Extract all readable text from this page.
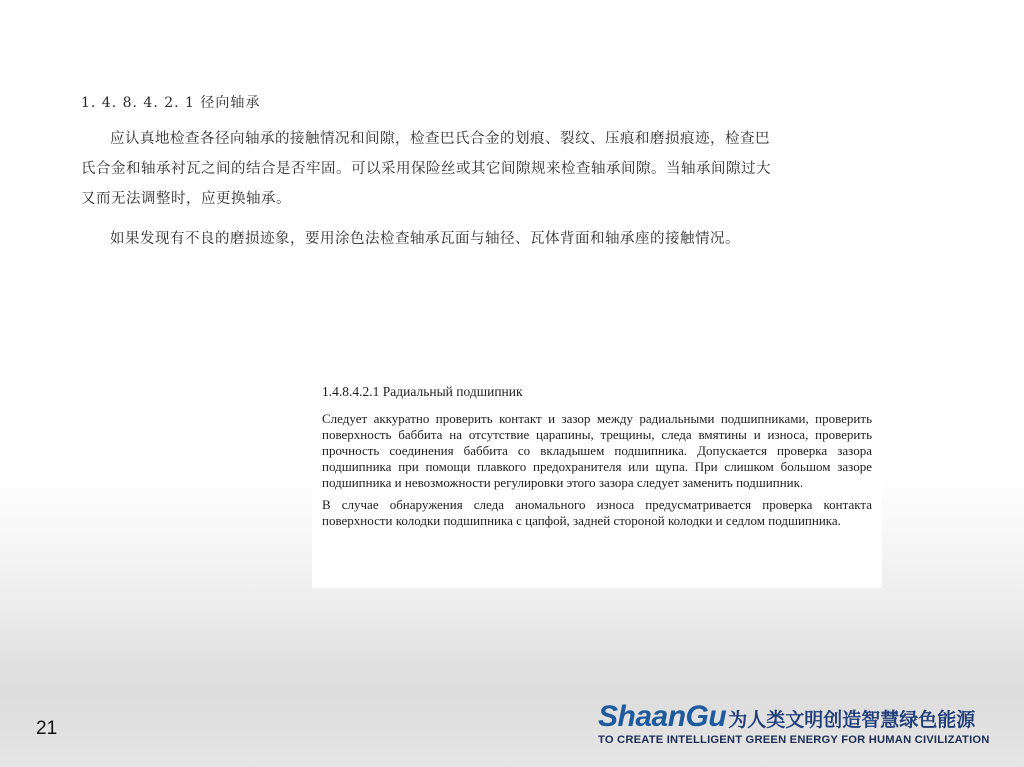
1. 4. 8. 4. 2. 1 径向轴承

应认真地检查各径向轴承的接触情况和间隙，检查巴氏合金的划痕、裂纹、压痕和磨损痕迹，检查巴氏合金和轴承衬瓦之间的结合是否牢固。可以采用保险丝或其它间隙规来检查轴承间隙。当轴承间隙过大又而无法调整时，应更换轴承。

如果发现有不良的磨损迹象，要用涂色法检查轴承瓦面与轴径、瓦体背面和轴承座的接触情况。

1.4.8.4.2.1 Радиальный подшипник

Следует аккуратно проверить контакт и зазор между радиальными подшипниками, проверить поверхность баббита на отсутствие царапины, трещины, следа вмятины и износа, проверить прочность соединения баббита со вкладышем подшипника. Допускается проверка зазора подшипника при помощи плавкого предохранителя или щупа. При слишком большом зазоре подшипника и невозможности регулировки этого зазора следует заменить подшипник.

В случае обнаружения следа аномального износа предусматривается проверка контакта поверхности колодки подшипника с цапфой, задней стороной колодки и седлом подшипника.

21	ShaanGu 为人类文明创造智慧绿色能源
TO CREATE INTELLIGENT GREEN ENERGY FOR HUMAN CIVILIZATION
